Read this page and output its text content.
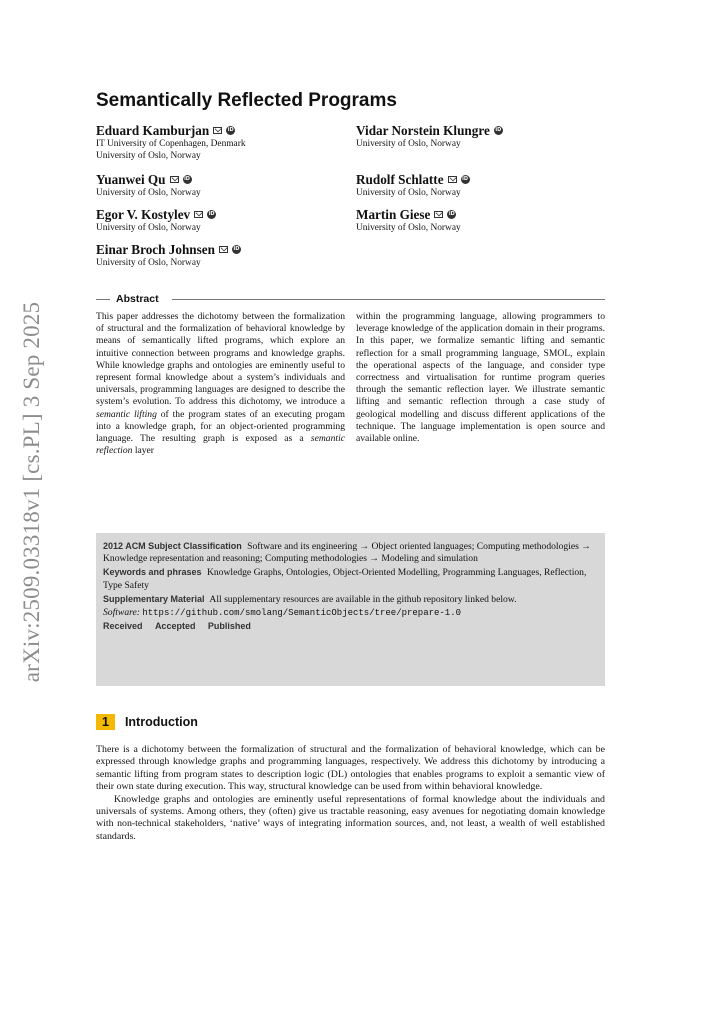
arXiv:2509.03318v1 [cs.PL] 3 Sep 2025
Semantically Reflected Programs
Eduard Kamburjan	iD
IT University of Copenhagen, Denmark
University of Oslo, Norway
Yuanwei Qu	iD
University of Oslo, Norway
Egor V. Kostylev	iD
University of Oslo, Norway
Einar Broch Johnsen	iD
University of Oslo, Norway
Vidar Norstein Klungre	iD
University of Oslo, Norway
Rudolf Schlatte	iD
University of Oslo, Norway
Martin Giese	iD
University of Oslo, Norway
Abstract
This paper addresses the dichotomy between the formalization of structural and the formalization of behavioral knowledge by means of semantically lifted programs, which explore an intuitive connection between programs and knowledge graphs. While knowledge graphs and ontologies are eminently useful to represent formal knowledge about a system’s individuals and universals, programming languages are designed to describe the system’s evolution. To address this dichotomy, we introduce a semantic lifting of the program states of an executing progam into a knowledge graph, for an object-oriented programming language. The resulting graph is exposed as a semantic reflection layer
within the programming language, allowing programmers to leverage knowledge of the application domain in their programs. In this paper, we formalize semantic lifting and semantic reflection for a small programming language, SMOL, explain the operational aspects of the language, and consider type correctness and virtualisation for runtime program queries through the semantic reflection layer. We illustrate semantic lifting and semantic reflection through a case study of geological modelling and discuss different applications of the technique. The language implementation is open source and available online.
2012 ACM Subject Classification Software and its engineering → Object oriented languages; Computing methodologies → Knowledge representation and reasoning; Computing methodologies → Modeling and simulation
Keywords and phrases Knowledge Graphs, Ontologies, Object-Oriented Modelling, Programming Languages, Reflection, Type Safety
Supplementary Material All supplementary resources are available in the github repository linked below.
Software: https://github.com/smolang/SemanticObjects/tree/prepare-1.0
Received Accepted Published
1	Introduction

There is a dichotomy between the formalization of structural and the formalization of behavioral knowledge, which can be expressed through knowledge graphs and programming languages, respectively. We address this dichotomy by introducing a semantic lifting from program states to description logic (DL) ontologies that enables programs to exploit a semantic view of their own state during execution. This way, structural knowledge can be used from within behavioral knowledge.

Knowledge graphs and ontologies are eminently useful representations of formal knowledge about the individuals and universals of systems. Among others, they (often) give us tractable reasoning, easy avenues for negotiating domain knowledge with non-technical stakeholders, ‘native’ ways of integrating information sources, and, not least, a wealth of well established standards.
